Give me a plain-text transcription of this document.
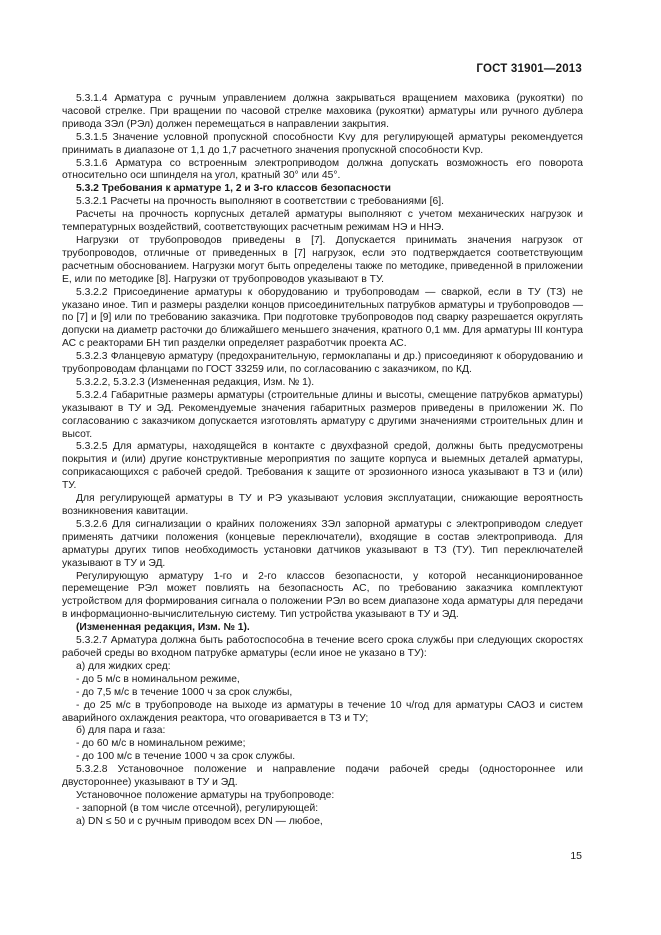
ГОСТ 31901—2013

5.3.1.4 Арматура с ручным управлением должна закрываться вращением маховика (рукоятки) по часовой стрелке. При вращении по часовой стрелке маховика (рукоятки) арматуры или ручного дублера привода ЗЭл (РЭл) должен перемещаться в направлении закрытия.

5.3.1.5 Значение условной пропускной способности Kvy для регулирующей арматуры рекомендуется принимать в диапазоне от 1,1 до 1,7 расчетного значения пропускной способности Kvp.

5.3.1.6 Арматура со встроенным электроприводом должна допускать возможность его поворота относительно оси шпинделя на угол, кратный 30° или 45°.

5.3.2 Требования к арматуре 1, 2 и 3-го классов безопасности

5.3.2.1 Расчеты на прочность выполняют в соответствии с требованиями [6].

Расчеты на прочность корпусных деталей арматуры выполняют с учетом механических нагрузок и температурных воздействий, соответствующих расчетным режимам НЭ и ННЭ.

Нагрузки от трубопроводов приведены в [7]. Допускается принимать значения нагрузок от трубопроводов, отличные от приведенных в [7] нагрузок, если это подтверждается соответствующим расчетным обоснованием. Нагрузки могут быть определены также по методике, приведенной в приложении Е, или по методике [8]. Нагрузки от трубопроводов указывают в ТУ.

5.3.2.2 Присоединение арматуры к оборудованию и трубопроводам — сваркой, если в ТУ (ТЗ) не указано иное. Тип и размеры разделки концов присоединительных патрубков арматуры и трубопроводов — по [7] и [9] или по требованию заказчика. При подготовке трубопроводов под сварку разрешается округлять допуски на диаметр расточки до ближайшего меньшего значения, кратного 0,1 мм. Для арматуры III контура АС с реакторами БН тип разделки определяет разработчик проекта АС.

5.3.2.3 Фланцевую арматуру (предохранительную, гермоклапаны и др.) присоединяют к оборудованию и трубопроводам фланцами по ГОСТ 33259 или, по согласованию с заказчиком, по КД.

5.3.2.2, 5.3.2.3 (Измененная редакция, Изм. № 1).

5.3.2.4 Габаритные размеры арматуры (строительные длины и высоты, смещение патрубков арматуры) указывают в ТУ и ЭД. Рекомендуемые значения габаритных размеров приведены в приложении Ж. По согласованию с заказчиком допускается изготовлять арматуру с другими значениями строительных длин и высот.

5.3.2.5 Для арматуры, находящейся в контакте с двухфазной средой, должны быть предусмотрены покрытия и (или) другие конструктивные мероприятия по защите корпуса и выемных деталей арматуры, соприкасающихся с рабочей средой. Требования к защите от эрозионного износа указывают в ТЗ и (или) ТУ.

Для регулирующей арматуры в ТУ и РЭ указывают условия эксплуатации, снижающие вероятность возникновения кавитации.

5.3.2.6 Для сигнализации о крайних положениях ЗЭл запорной арматуры с электроприводом следует применять датчики положения (концевые переключатели), входящие в состав электропривода. Для арматуры других типов необходимость установки датчиков указывают в ТЗ (ТУ). Тип переключателей указывают в ТУ и ЭД.

Регулирующую арматуру 1-го и 2-го классов безопасности, у которой несанкционированное перемещение РЭл может повлиять на безопасность АС, по требованию заказчика комплектуют устройством для формирования сигнала о положении РЭл во всем диапазоне хода арматуры для передачи в информационно-вычислительную систему. Тип устройства указывают в ТУ и ЭД.

(Измененная редакция, Изм. № 1).

5.3.2.7 Арматура должна быть работоспособна в течение всего срока службы при следующих скоростях рабочей среды во входном патрубке арматуры (если иное не указано в ТУ):

а) для жидких сред:

- до 5 м/с в номинальном режиме,

- до 7,5 м/с в течение 1000 ч за срок службы,

- до 25 м/с в трубопроводе на выходе из арматуры в течение 10 ч/год для арматуры САОЗ и систем аварийного охлаждения реактора, что оговаривается в ТЗ и ТУ;

б) для пара и газа:

- до 60 м/с в номинальном режиме;

- до 100 м/с в течение 1000 ч за срок службы.

5.3.2.8 Установочное положение и направление подачи рабочей среды (одностороннее или двустороннее) указывают в ТУ и ЭД.

Установочное положение арматуры на трубопроводе:

- запорной (в том числе отсечной), регулирующей:

а) DN ≤ 50 и с ручным приводом всех DN — любое,

15
